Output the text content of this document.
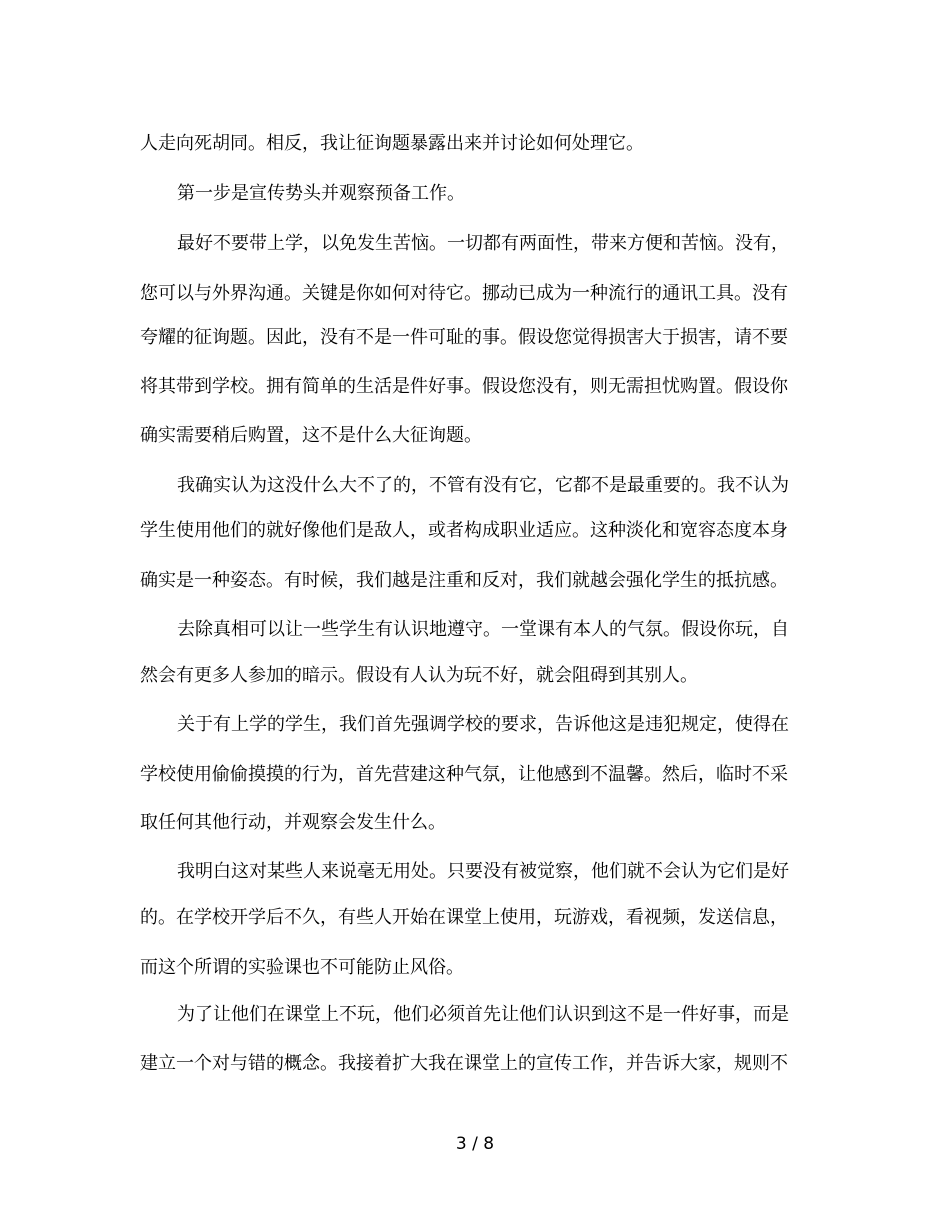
人走向死胡同。相反，我让征询题暴露出来并讨论如何处理它。
第一步是宣传势头并观察预备工作。
最好不要带上学，以免发生苦恼。一切都有两面性，带来方便和苦恼。没有，
您可以与外界沟通。关键是你如何对待它。挪动已成为一种流行的通讯工具。没有
夸耀的征询题。因此，没有不是一件可耻的事。假设您觉得损害大于损害，请不要
将其带到学校。拥有简单的生活是件好事。假设您没有，则无需担忧购置。假设你
确实需要稍后购置，这不是什么大征询题。
我确实认为这没什么大不了的，不管有没有它，它都不是最重要的。我不认为
学生使用他们的就好像他们是敌人，或者构成职业适应。这种淡化和宽容态度本身
确实是一种姿态。有时候，我们越是注重和反对，我们就越会强化学生的抵抗感。
去除真相可以让一些学生有认识地遵守。一堂课有本人的气氛。假设你玩，自
然会有更多人参加的暗示。假设有人认为玩不好，就会阻碍到其别人。
关于有上学的学生，我们首先强调学校的要求，告诉他这是违犯规定，使得在
学校使用偷偷摸摸的行为，首先营建这种气氛，让他感到不温馨。然后，临时不采
取任何其他行动，并观察会发生什么。
我明白这对某些人来说毫无用处。只要没有被觉察，他们就不会认为它们是好
的。在学校开学后不久，有些人开始在课堂上使用，玩游戏，看视频，发送信息，
而这个所谓的实验课也不可能防止风俗。
为了让他们在课堂上不玩，他们必须首先让他们认识到这不是一件好事，而是
建立一个对与错的概念。我接着扩大我在课堂上的宣传工作，并告诉大家，规则不
3 / 8
